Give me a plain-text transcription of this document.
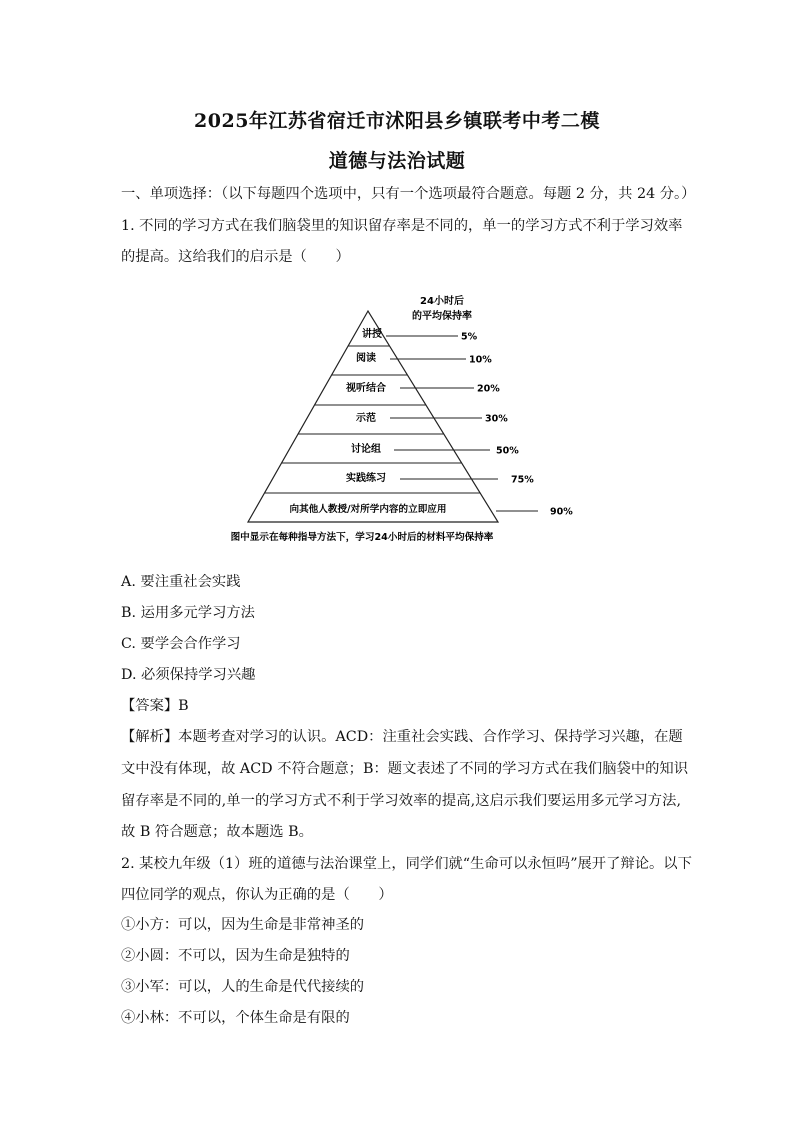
2025年江苏省宿迁市沭阳县乡镇联考中考二模
道德与法治试题
一、单项选择：（以下每题四个选项中，只有一个选项最符合题意。每题 2 分，共 24 分。）
1. 不同的学习方式在我们脑袋里的知识留存率是不同的，单一的学习方式不利于学习效率
的提高。这给我们的启示是（　　）
24小时后
的平均保持率
讲授	5%
阅读	10%
视听结合	20%
示范	30%
讨论组	50%
实践练习	75%
向其他人教授/对所学内容的立即应用	90%
图中显示在每种指导方法下，学习24小时后的材料平均保持率
A. 要注重社会实践
B. 运用多元学习方法
C. 要学会合作学习
D. 必须保持学习兴趣
【答案】B
【解析】本题考查对学习的认识。ACD：注重社会实践、合作学习、保持学习兴趣，在题
文中没有体现，故 ACD 不符合题意；B：题文表述了不同的学习方式在我们脑袋中的知识
留存率是不同的,单一的学习方式不利于学习效率的提高,这启示我们要运用多元学习方法,
故 B 符合题意；故本题选 B。
2. 某校九年级（1）班的道德与法治课堂上，同学们就“生命可以永恒吗”展开了辩论。以下
四位同学的观点，你认为正确的是（　　）
①小方：可以，因为生命是非常神圣的
②小圆：不可以，因为生命是独特的
③小军：可以，人的生命是代代接续的
④小林：不可以，个体生命是有限的
